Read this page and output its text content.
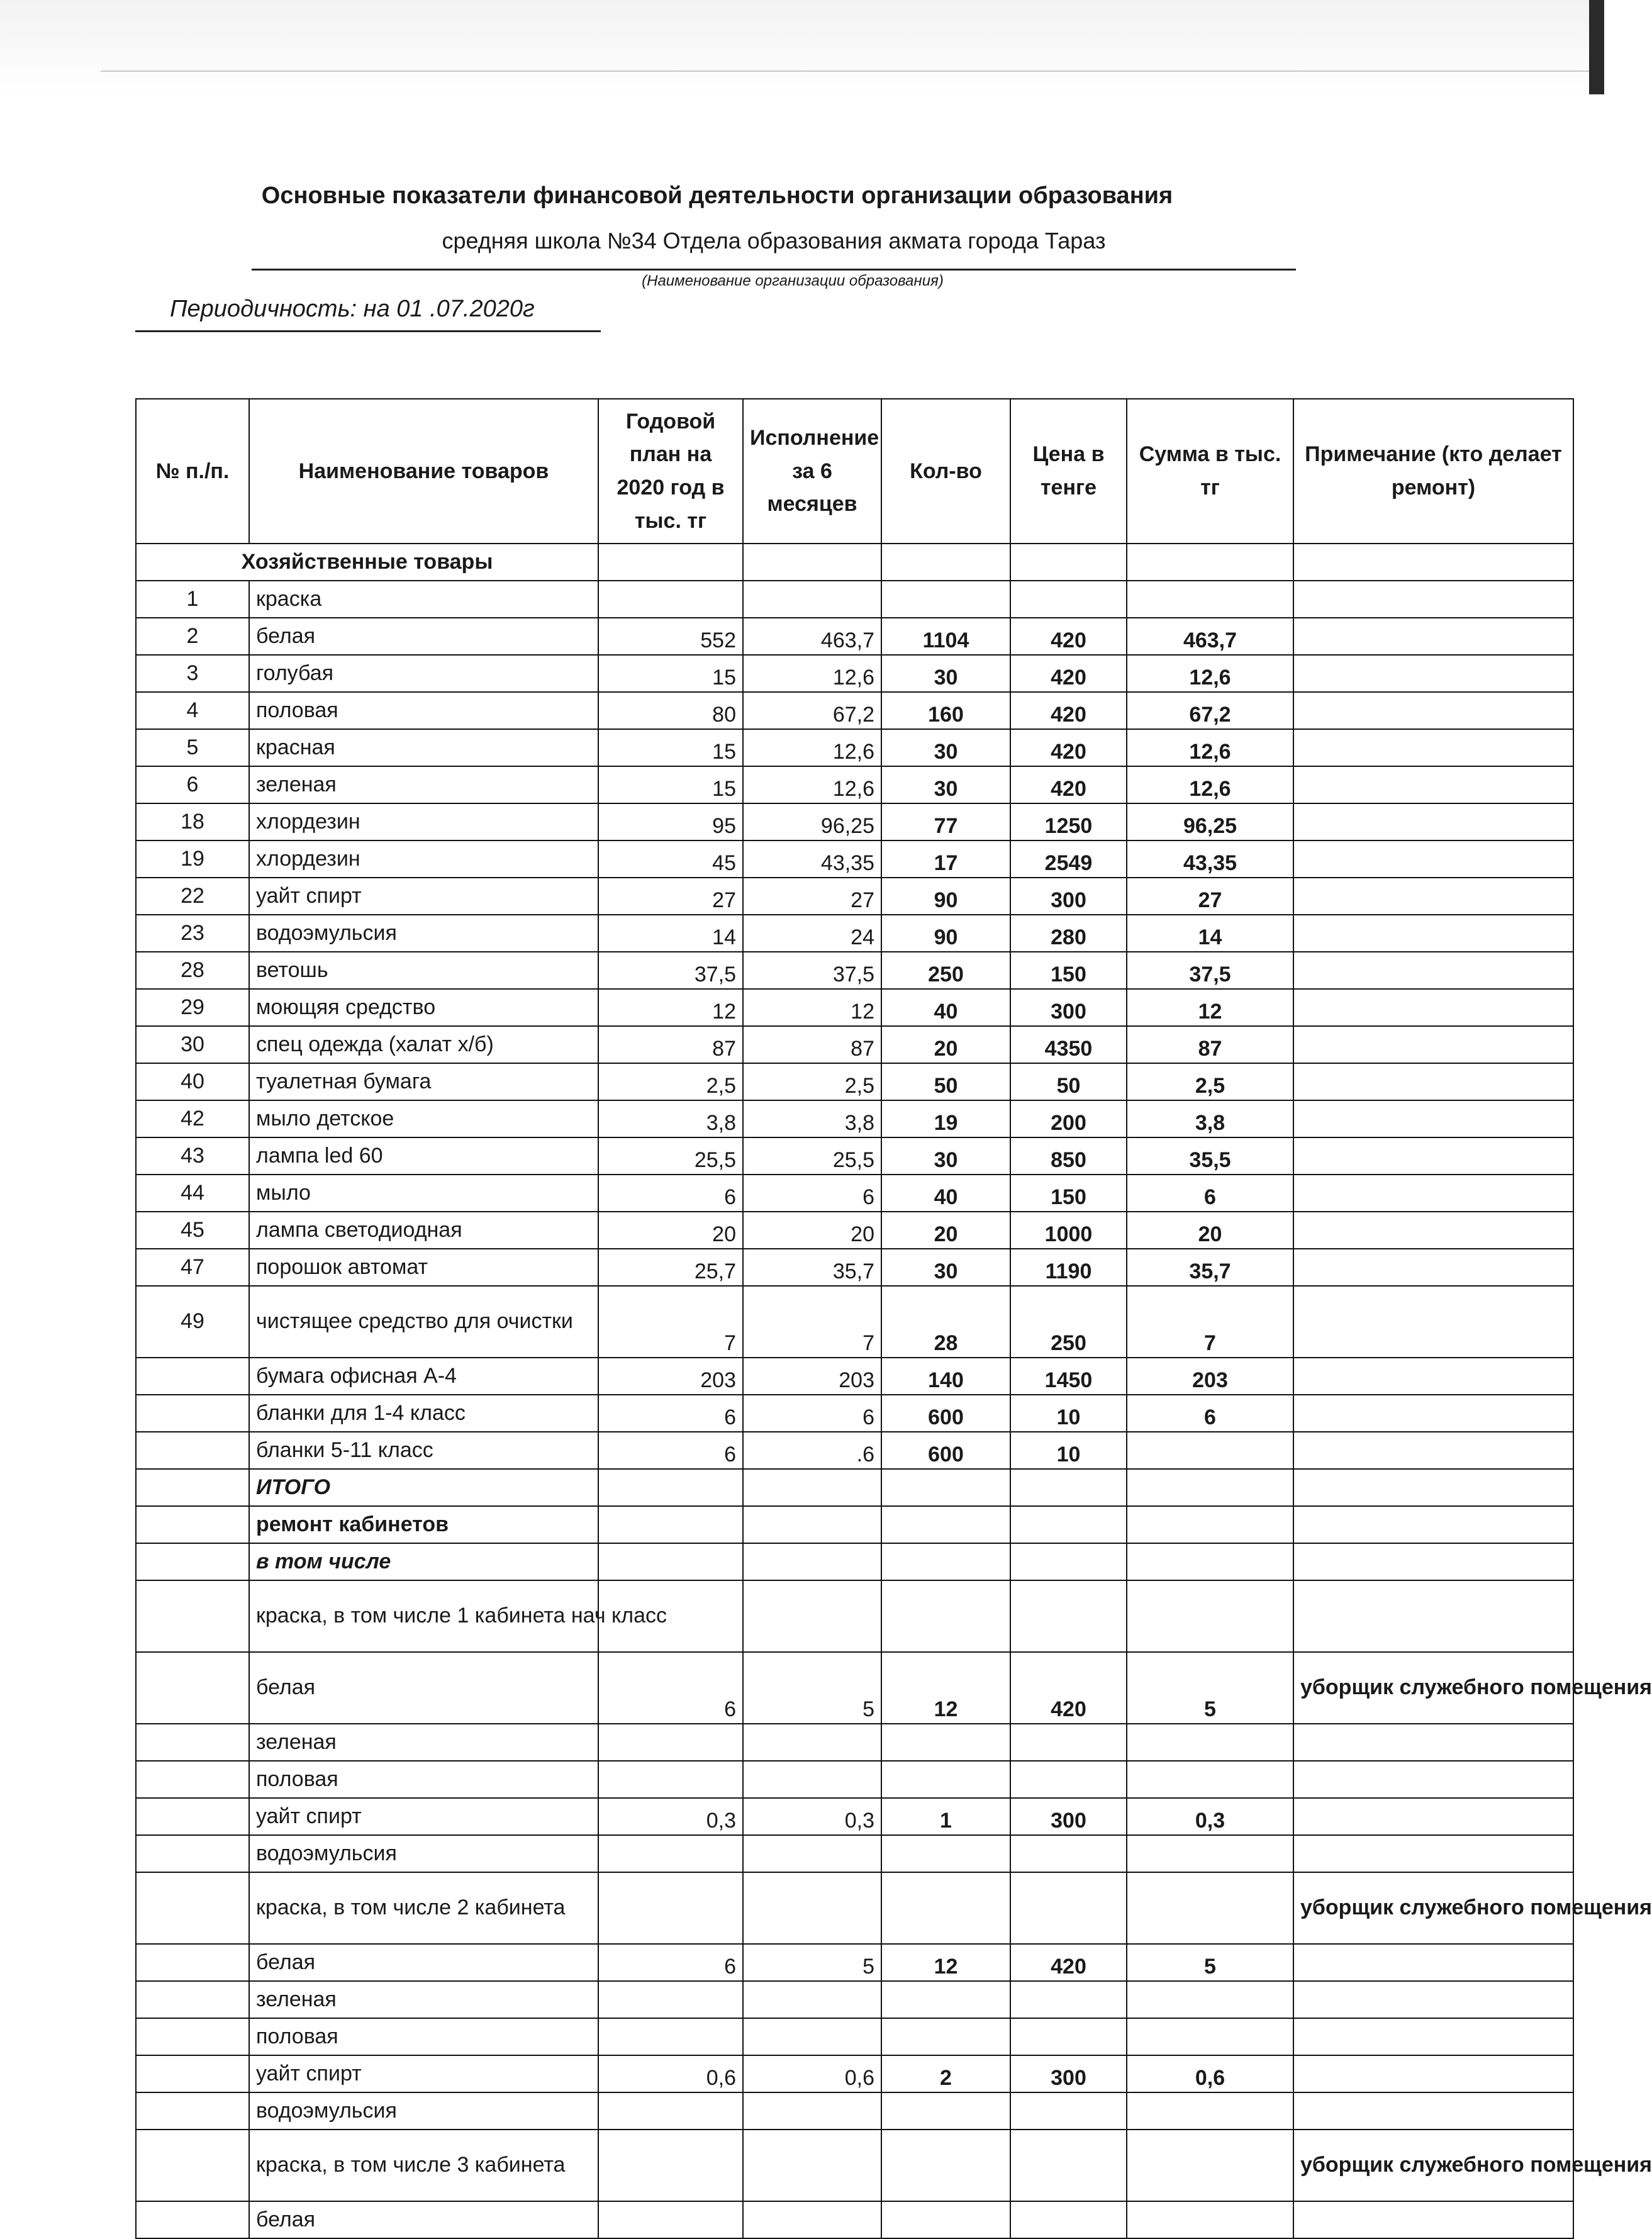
Основные показатели финансовой деятельности организации образования
средняя школа №34 Отдела образования акмата города Тараз
(Наименование организации образования)
Периодичность: на 01 .07.2020г
№ п./п.	Наименование товаров	Годовой план на 2020 год в тыс. тг	Исполнение за 6 месяцев	Кол-во	Цена в тенге	Сумма в тыс. тг	Примечание (кто делает ремонт)
Хозяйственные товары							
1	краска						
2	белая	552	463,7	1104	420	463,7	
3	голубая	15	12,6	30	420	12,6	
4	половая	80	67,2	160	420	67,2	
5	красная	15	12,6	30	420	12,6	
6	зеленая	15	12,6	30	420	12,6	
18	хлордезин	95	96,25	77	1250	96,25	
19	хлордезин	45	43,35	17	2549	43,35	
22	уайт спирт	27	27	90	300	27	
23	водоэмульсия	14	24	90	280	14	
28	ветошь	37,5	37,5	250	150	37,5	
29	моющяя средство	12	12	40	300	12	
30	спец одежда (халат х/б)	87	87	20	4350	87	
40	туалетная бумага	2,5	2,5	50	50	2,5	
42	мыло детское	3,8	3,8	19	200	3,8	
43	лампа led 60	25,5	25,5	30	850	35,5	
44	мыло	6	6	40	150	6	
45	лампа светодиодная	20	20	20	1000	20	
47	порошок автомат	25,7	35,7	30	1190	35,7	
49	чистящее средство для очистки	7	7	28	250	7	
	бумага офисная А-4	203	203	140	1450	203	
	бланки для 1-4 класс	6	6	600	10	6	
	бланки 5-11 класс	6	.6	600	10		
	ИТОГО						
	ремонт кабинетов						
	в том числе						
	краска, в том числе 1 кабинета нач класс						
	белая	6	5	12	420	5	уборщик служебного помещения
	зеленая						
	половая						
	уайт спирт	0,3	0,3	1	300	0,3	
	водоэмульсия						
	краска, в том числе 2 кабинета						уборщик служебного помещения
	белая	6	5	12	420	5	
	зеленая						
	половая						
	уайт спирт	0,6	0,6	2	300	0,6	
	водоэмульсия						
	краска, в том числе 3 кабинета						уборщик служебного помещения
	белая						
